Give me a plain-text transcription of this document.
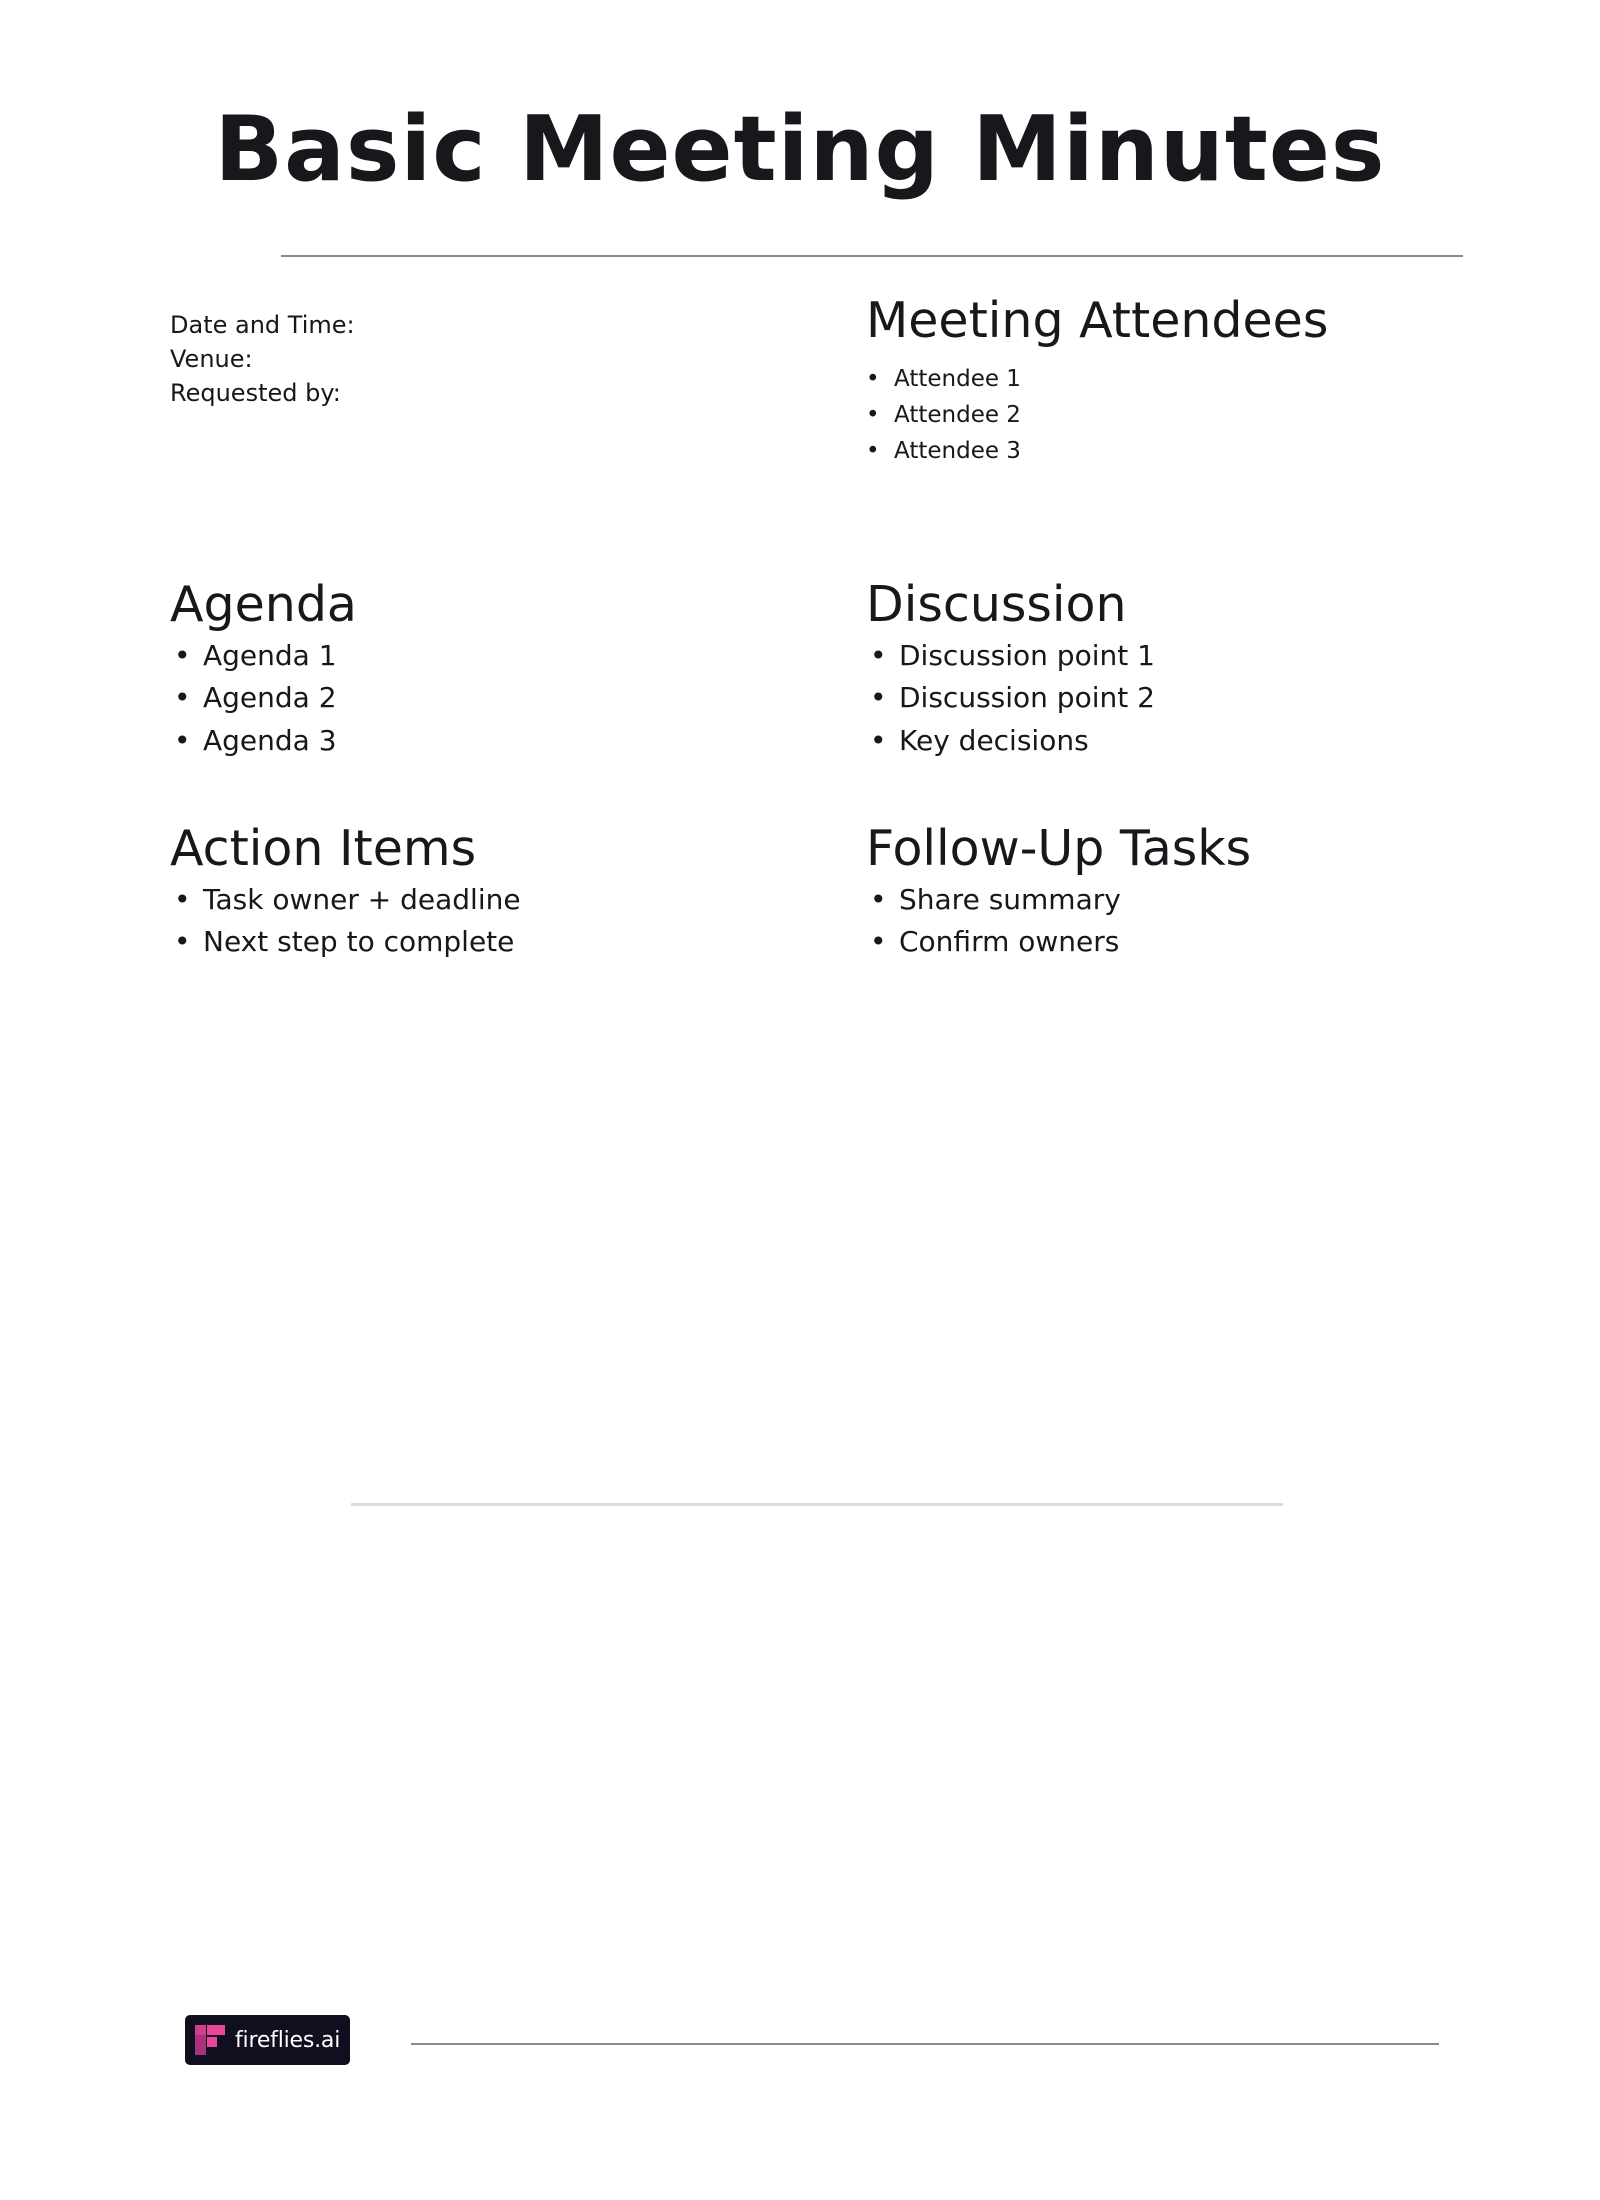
Basic Meeting Minutes
Date and Time:
Venue:
Requested by:
Meeting Attendees
• Attendee 1
• Attendee 2
• Attendee 3
Agenda
• Agenda 1
• Agenda 2
• Agenda 3
Discussion
• Discussion point 1
• Discussion point 2
• Key decisions
Action Items
• Task owner + deadline
• Next step to complete
Follow-Up Tasks
• Share summary
• Confirm owners
fireflies.ai
